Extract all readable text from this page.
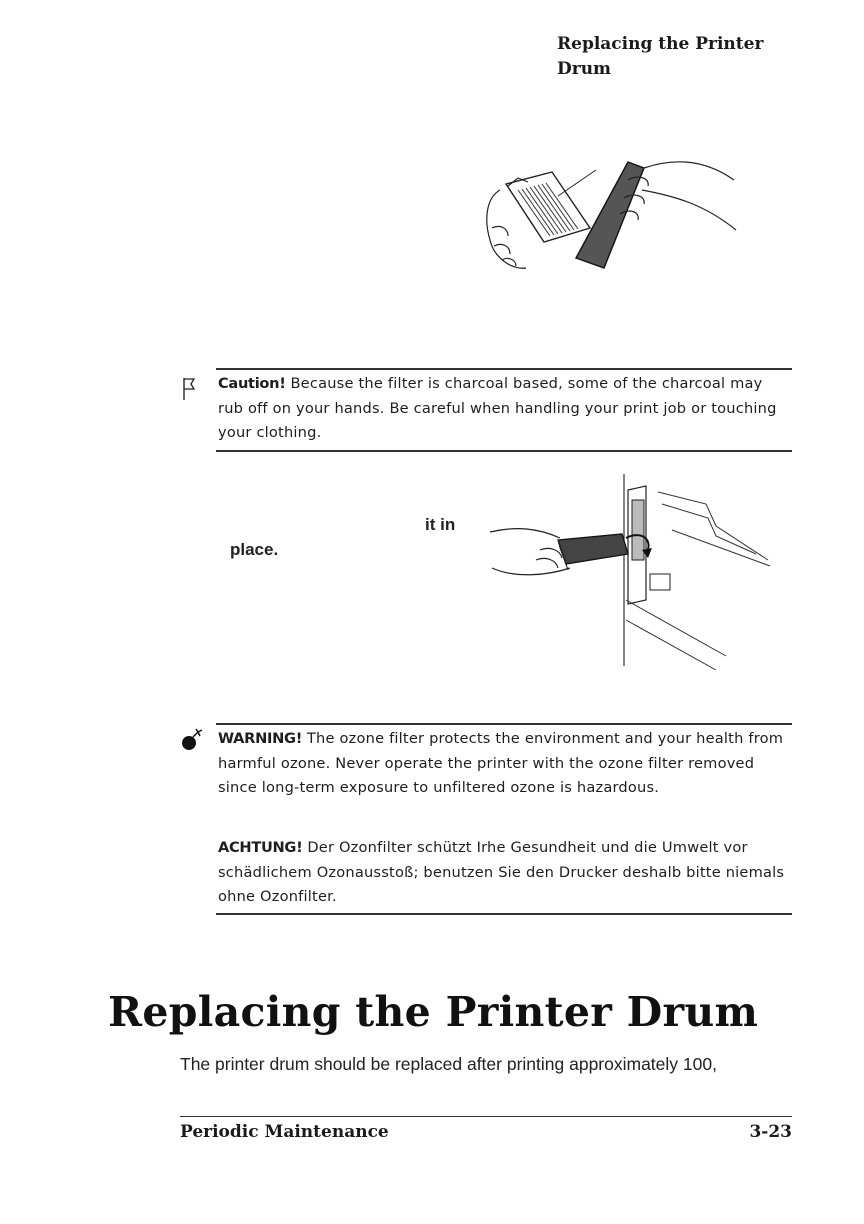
Replacing the Printer Drum
Caution! Because the filter is charcoal based, some of the charcoal may rub off on your hands. Be careful when handling your print job or touching your clothing.
it in
place.
WARNING! The ozone filter protects the environment and your health from harmful ozone. Never operate the printer with the ozone filter removed since long-term exposure to unfiltered ozone is hazardous.
ACHTUNG! Der Ozonfilter schützt Irhe Gesundheit und die Umwelt vor schädlichem Ozonausstoß; benutzen Sie den Drucker deshalb bitte niemals ohne Ozonfilter.
Replacing the Printer Drum
The printer drum should be replaced after printing approximately 100,
Periodic Maintenance	3-23
